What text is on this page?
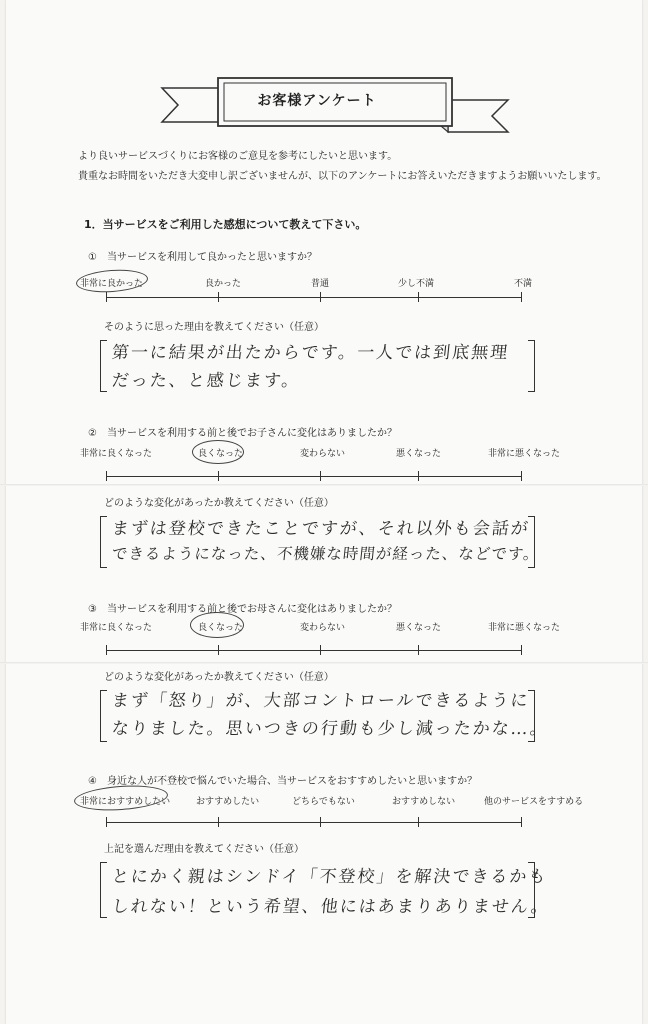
お客様アンケート
より良いサービスづくりにお客様のご意見を参考にしたいと思います。
貴重なお時間をいただき大変申し訳ございませんが、以下のアンケートにお答えいただきますようお願いいたします。
1．当サービスをご利用した感想について教えて下さい。
①　当サービスを利用して良かったと思いますか？
非常に良かった	良かった	普通	少し不満	不満
そのように思った理由を教えてください（任意）
第一に結果が出たからです。一人では到底無理
だった、と感じます。
②　当サービスを利用する前と後でお子さんに変化はありましたか？
非常に良くなった	良くなった	変わらない	悪くなった	非常に悪くなった
どのような変化があったか教えてください（任意）
まずは登校できたことですが、それ以外も会話が
できるようになった、不機嫌な時間が経った、などです。
③　当サービスを利用する前と後でお母さんに変化はありましたか？
非常に良くなった	良くなった	変わらない	悪くなった	非常に悪くなった
どのような変化があったか教えてください（任意）
まず「怒り」が、大部コントロールできるように
なりました。思いつきの行動も少し減ったかな…。
④　身近な人が不登校で悩んでいた場合、当サービスをおすすめしたいと思いますか？
非常におすすめしたい	おすすめしたい	どちらでもない	おすすめしない	他のサービスをすすめる
上記を選んだ理由を教えてください（任意）
とにかく親はシンドイ「不登校」を解決できるかも
しれない！という希望、他にはあまりありません。
